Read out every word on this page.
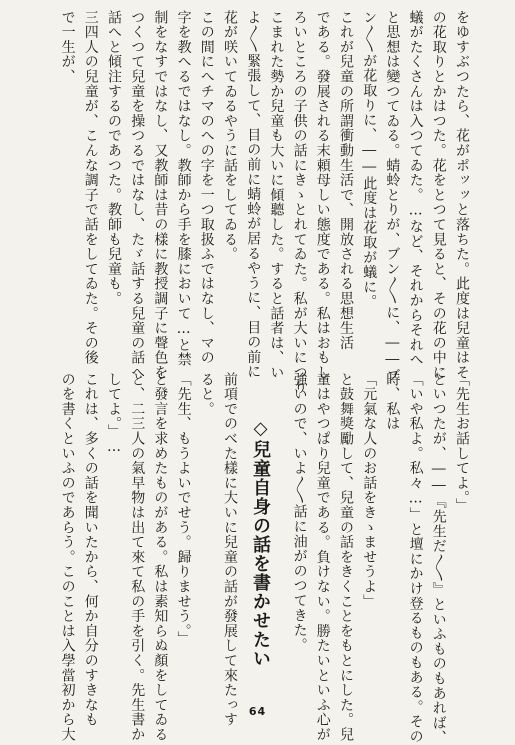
をゆすぶつたら、花がポッッと落ちた。此度は兒童はそ
の花取りとかはつた。花をとつて見ると、その花の中に
蟻がたくさんは入つてゐた。…など、それからそれへ
と思想は變つてゐる。蜻蛉とりが、ブン〳〵に、――ブ
ン〳〵が花取りに、――此度は花取が蟻に。
これが兒童の所謂衝動生活で、開放される思想生活
である。發展される末頼母しい態度である。私はおもし
ろいところの子供の話にきゝとれてゐた。私が大いにつり
こまれた勢か兒童も大いに傾聽した。すると話者は、い
よ〳〵緊張して、目の前に蜻蛉が居るやうに、目の前に
花が咲いてゐるやうに話をしてゐる。
この間にへチマのへの字を一つ取扱ふではなし、マの
字を教へるではなし。教師から手を膝において…と禁
制をなすではなし、又教師は昔の樣に教授調子に聲色を
つくつて兒童を操つるではなし、たゞ話する兒童の話へ
話へと傾注するのであつた。教師も兒童も。
三四人の兒童が、こんな調子で話をしてゐた。その後
で一生が、
「先生お話してよ。」
といつたが、――『先生だ〳〵』といふものもあれば、
「いや私よ。私々…」と壇にかけ登るものもある。その
時、私は
「元氣な人のお話をきゝませうよ」
と鼓舞獎勵して、兒童の話をきくことをもとにした。兒
童はやつぱり兒童である。負けない。勝たいといふ心が
強いので、いよ〳〵話に油がのつてきた。
前項でのべた樣に大いに兒童の話が發展して來たっす
ると。
「先生、もうよいでせう。歸りませう。」
と發言を求めたものがある。私は素知らぬ顏をしてゐる
と、二三人の氣早物は出て來て私の手を引く。先生書か
してよ。」…
これは、多くの話を聞いたから、何か自分のすきなも
のを書くといふのであらう。このことは入學當初から大	◇兒童自身の話を書かせたい
64
